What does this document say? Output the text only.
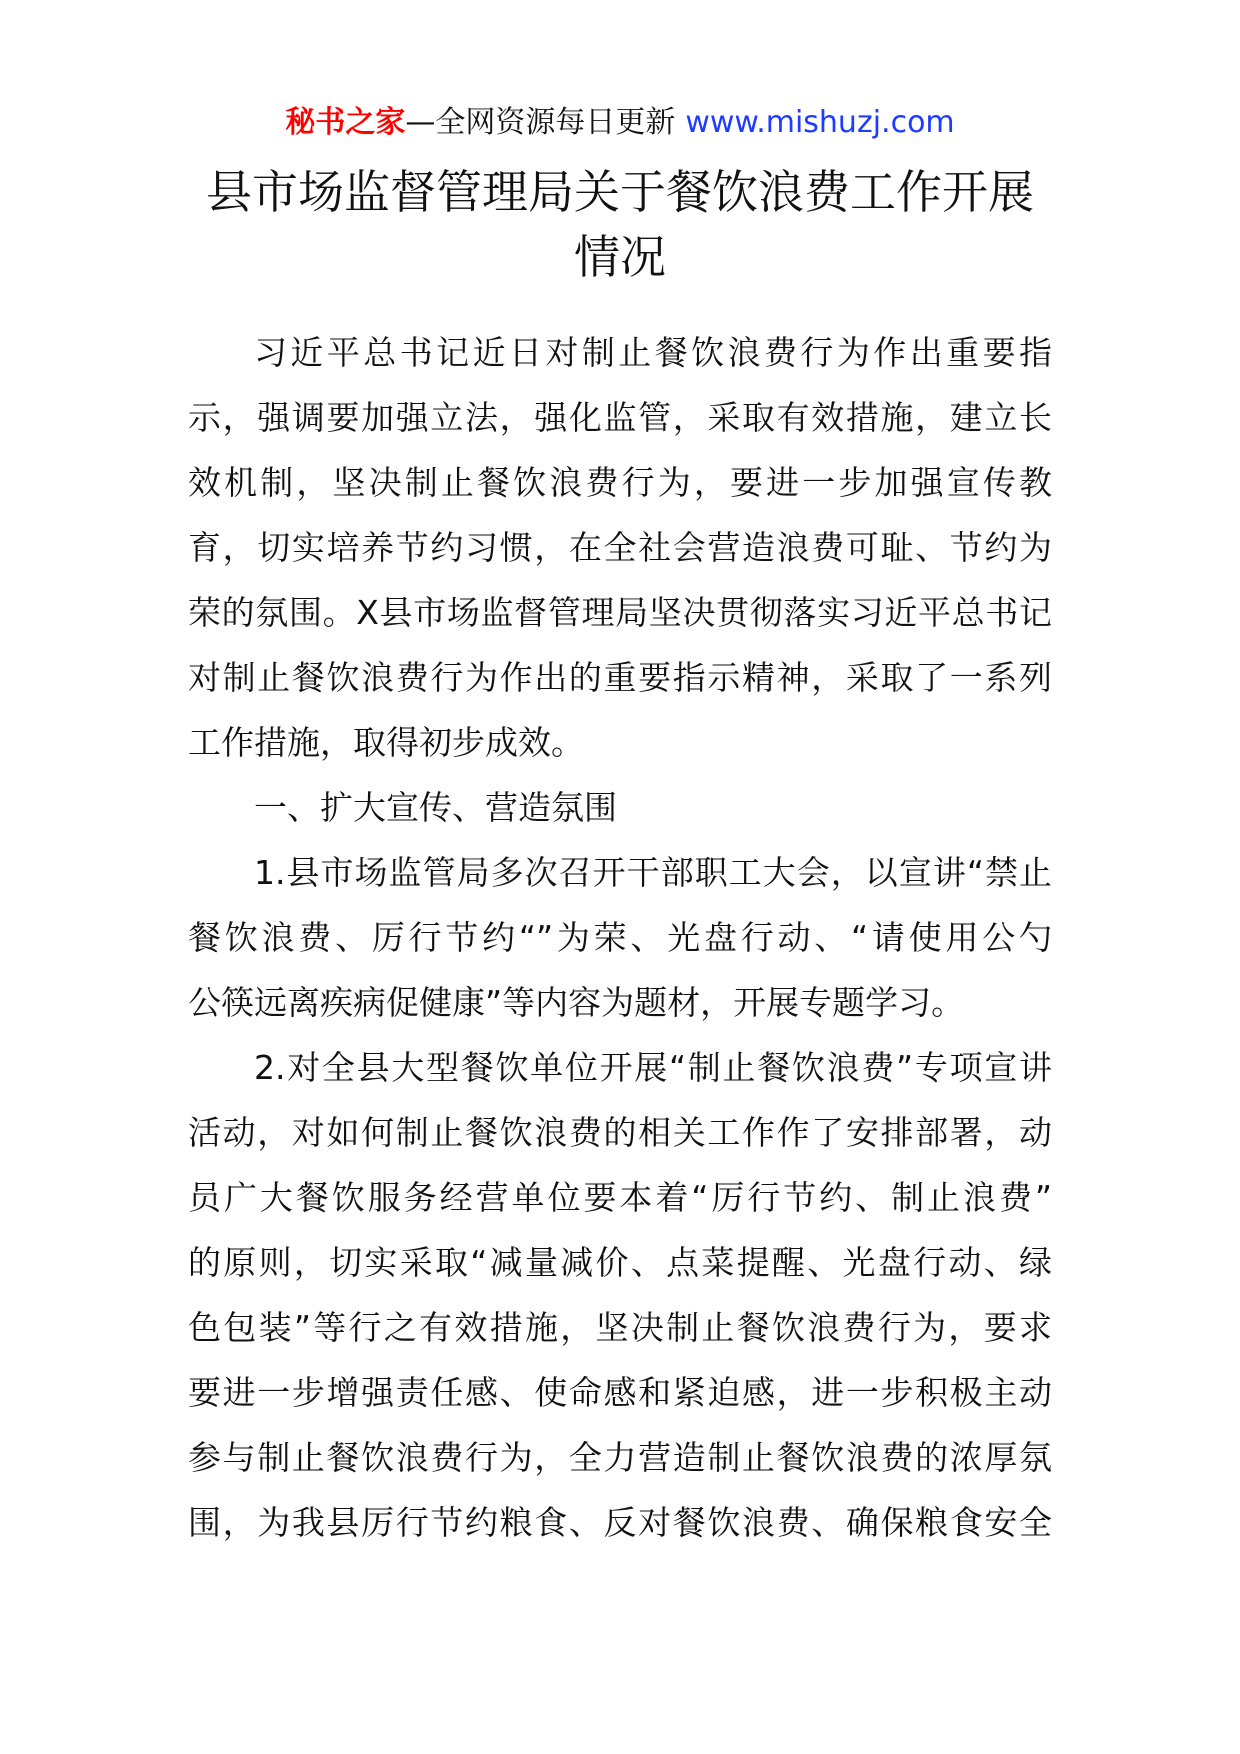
秘书之家—全网资源每日更新 www.mishuzj.com
县市场监督管理局关于餐饮浪费工作开展
情况
习近平总书记近日对制止餐饮浪费行为作出重要指
示，强调要加强立法，强化监管，采取有效措施，建立长
效机制，坚决制止餐饮浪费行为，要进一步加强宣传教
育，切实培养节约习惯，在全社会营造浪费可耻、节约为
荣的氛围。X县市场监督管理局坚决贯彻落实习近平总书记
对制止餐饮浪费行为作出的重要指示精神，采取了一系列
工作措施，取得初步成效。
一、扩大宣传、营造氛围
1.县市场监管局多次召开干部职工大会，以宣讲“禁止
餐饮浪费、厉行节约“”为荣、光盘行动、“请使用公勺
公筷远离疾病促健康”等内容为题材，开展专题学习。
2.对全县大型餐饮单位开展“制止餐饮浪费”专项宣讲
活动，对如何制止餐饮浪费的相关工作作了安排部署，动
员广大餐饮服务经营单位要本着“厉行节约、制止浪费”
的原则，切实采取“减量减价、点菜提醒、光盘行动、绿
色包装”等行之有效措施，坚决制止餐饮浪费行为，要求
要进一步增强责任感、使命感和紧迫感，进一步积极主动
参与制止餐饮浪费行为，全力营造制止餐饮浪费的浓厚氛
围，为我县厉行节约粮食、反对餐饮浪费、确保粮食安全
